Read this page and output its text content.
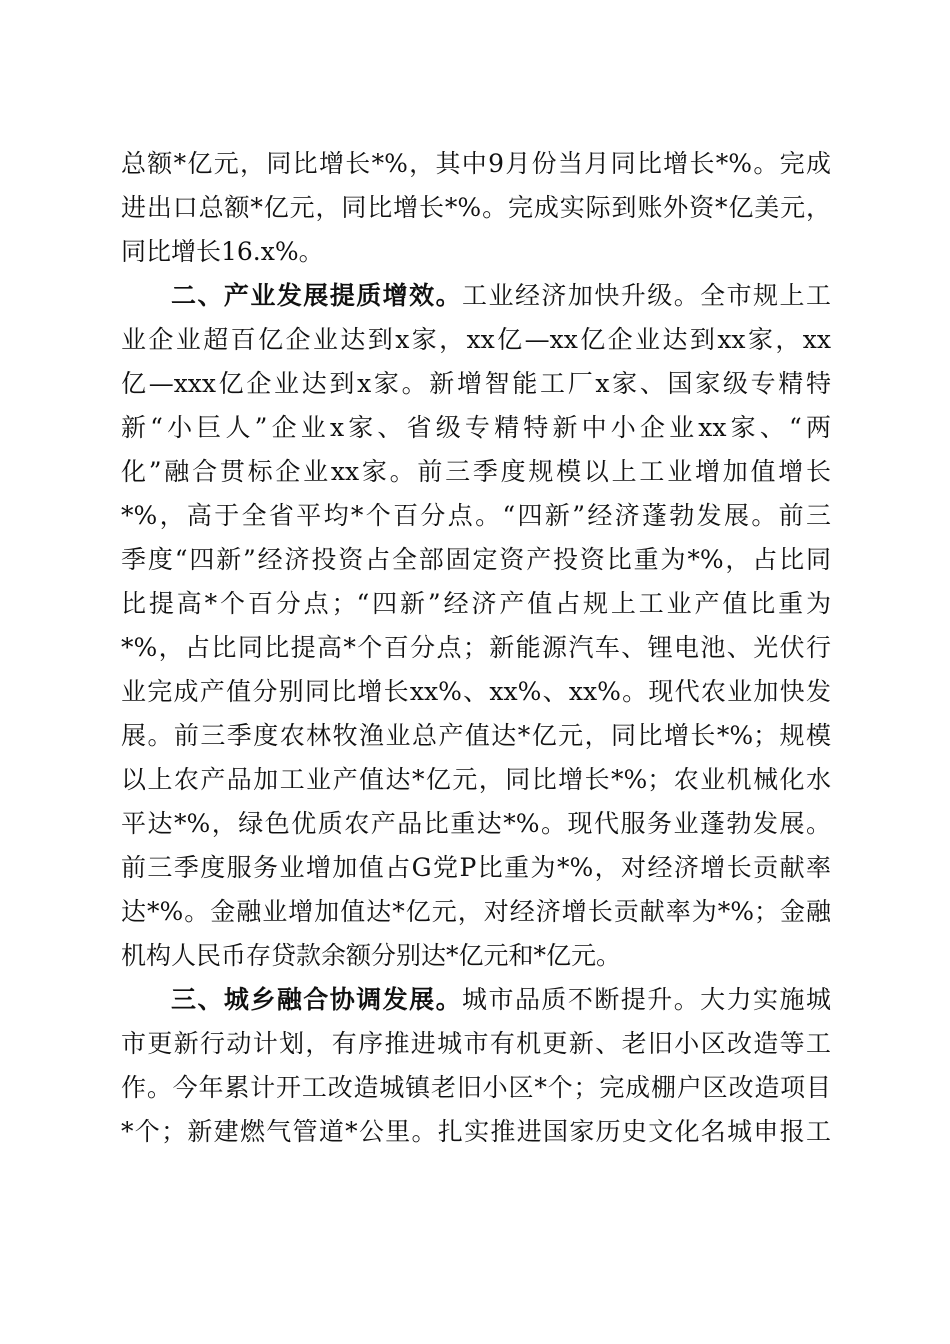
总额*亿元，同比增长*%，其中9月份当月同比增长*%。完成
进出口总额*亿元，同比增长*%。完成实际到账外资*亿美元，
同比增长16.x%。
二、产业发展提质增效。工业经济加快升级。全市规上工
业企业超百亿企业达到x家，xx亿—xx亿企业达到xx家，xx
亿—xxx亿企业达到x家。新增智能工厂x家、国家级专精特
新“小巨人”企业x家、省级专精特新中小企业xx家、“两
化”融合贯标企业xx家。前三季度规模以上工业增加值增长
*%，高于全省平均*个百分点。“四新”经济蓬勃发展。前三
季度“四新”经济投资占全部固定资产投资比重为*%，占比同
比提高*个百分点；“四新”经济产值占规上工业产值比重为
*%，占比同比提高*个百分点；新能源汽车、锂电池、光伏行
业完成产值分别同比增长xx%、xx%、xx%。现代农业加快发
展。前三季度农林牧渔业总产值达*亿元，同比增长*%；规模
以上农产品加工业产值达*亿元，同比增长*%；农业机械化水
平达*%，绿色优质农产品比重达*%。现代服务业蓬勃发展。
前三季度服务业增加值占G党P比重为*%，对经济增长贡献率
达*%。金融业增加值达*亿元，对经济增长贡献率为*%；金融
机构人民币存贷款余额分别达*亿元和*亿元。
三、城乡融合协调发展。城市品质不断提升。大力实施城
市更新行动计划，有序推进城市有机更新、老旧小区改造等工
作。今年累计开工改造城镇老旧小区*个；完成棚户区改造项目
*个；新建燃气管道*公里。扎实推进国家历史文化名城申报工
